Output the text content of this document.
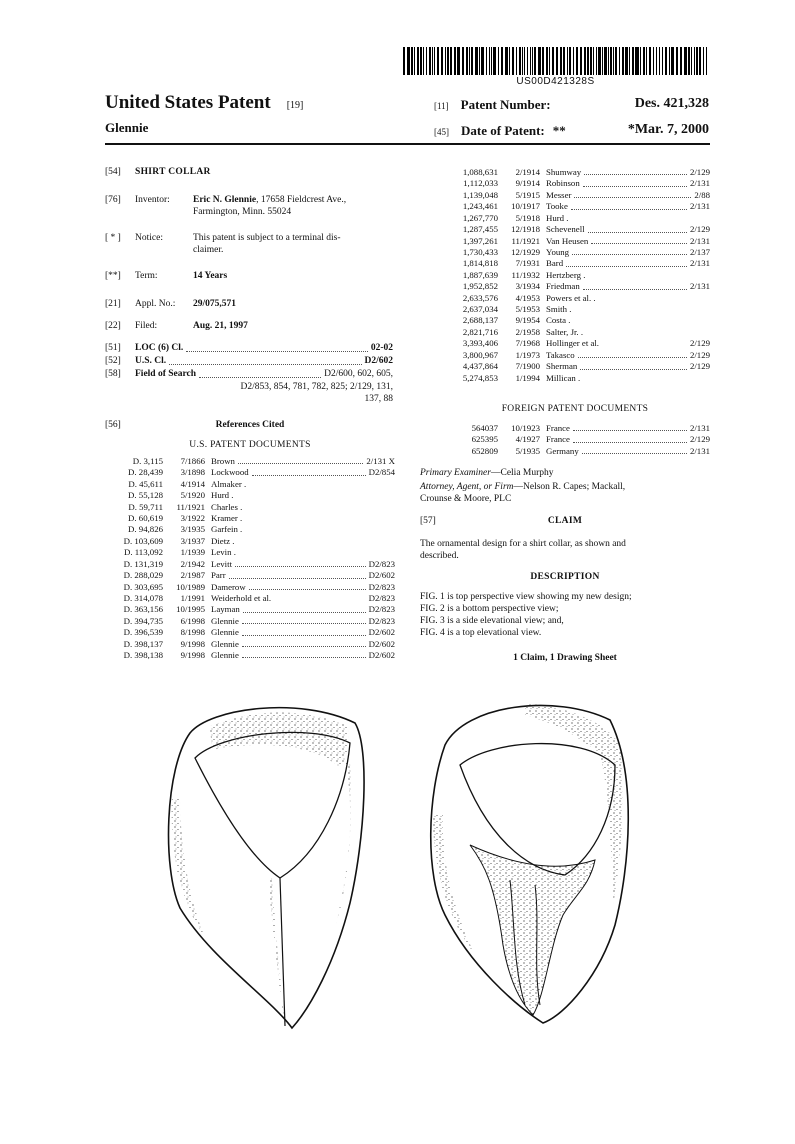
US00D421328S
United States Patent [19]
Glennie
[11] Patent Number:	Des. 421,328
[45] Date of Patent: **	*Mar. 7, 2000
[54] SHIRT COLLAR
[76] Inventor: Eric N. Glennie, 17658 Fieldcrest Ave.,
Farmington, Minn. 55024
[ * ] Notice:	This patent is subject to a terminal dis-
claimer.
[**] Term:	14 Years
[21] Appl. No.: 29/075,571
[22] Filed:	Aug. 21, 1997
[51] LOC (6) Cl.	02-02
[52] U.S. Cl.	D2/602
[58] Field of Search	D2/600, 602, 605,
D2/853, 854, 781, 782, 825; 2/129, 131,
137, 88
[56]	References Cited
U.S. PATENT DOCUMENTS
D. 3,115	7/1866 Brown	2/131 X
D. 28,439	3/1898 Lockwood	D2/854
D. 45,611	4/1914 Almaker .
D. 55,128	5/1920 Hurd .
D. 59,711	11/1921 Charles .
D. 60,619	3/1922 Kramer .
D. 94,826	3/1935 Garfein .
D. 103,609	3/1937 Dietz .
D. 113,092	1/1939 Levin .
D. 131,319	2/1942 Levitt	D2/823
D. 288,029	2/1987 Parr	D2/602
D. 303,695	10/1989 Damerow	D2/823
D. 314,078	1/1991 Weiderhold et al.	D2/823
D. 363,156	10/1995 Layman	D2/823
D. 394,735	6/1998 Glennie	D2/823
D. 396,539	8/1998 Glennie	D2/602
D. 398,137	9/1998 Glennie	D2/602
D. 398,138	9/1998 Glennie	D2/602
1,088,631	2/1914 Shumway	2/129
1,112,033	9/1914 Robinson	2/131
1,139,048	5/1915 Messer	2/88
1,243,461	10/1917 Tooke	2/131
1,267,770	5/1918 Hurd .
1,287,455	12/1918 Schevenell	2/129
1,397,261	11/1921 Van Heusen	2/131
1,730,433	12/1929 Young	2/137
1,814,818	7/1931 Bard	2/131
1,887,639	11/1932 Hertzberg .
1,952,852	3/1934 Friedman	2/131
2,633,576	4/1953 Powers et al. .
2,637,034	5/1953 Smith .
2,688,137	9/1954 Costa .
2,821,716	2/1958 Salter, Jr. .
3,393,406	7/1968 Hollinger et al.	2/129
3,800,967	1/1973 Takasco	2/129
4,437,864	7/1900 Sherman	2/129
5,274,853	1/1994 Millican .
FOREIGN PATENT DOCUMENTS
564037	10/1923 France	2/131
625395	4/1927 France	2/129
652809	5/1935 Germany	2/131
Primary Examiner—Celia Murphy
Attorney, Agent, or Firm—Nelson R. Capes; Mackall,
Crounse & Moore, PLC
[57]	CLAIM
The ornamental design for a shirt collar, as shown and
described.
DESCRIPTION
FIG. 1 is top perspective view showing my new design;
FIG. 2 is a bottom perspective view;
FIG. 3 is a side elevational view; and,
FIG. 4 is a top elevational view.
1 Claim, 1 Drawing Sheet
